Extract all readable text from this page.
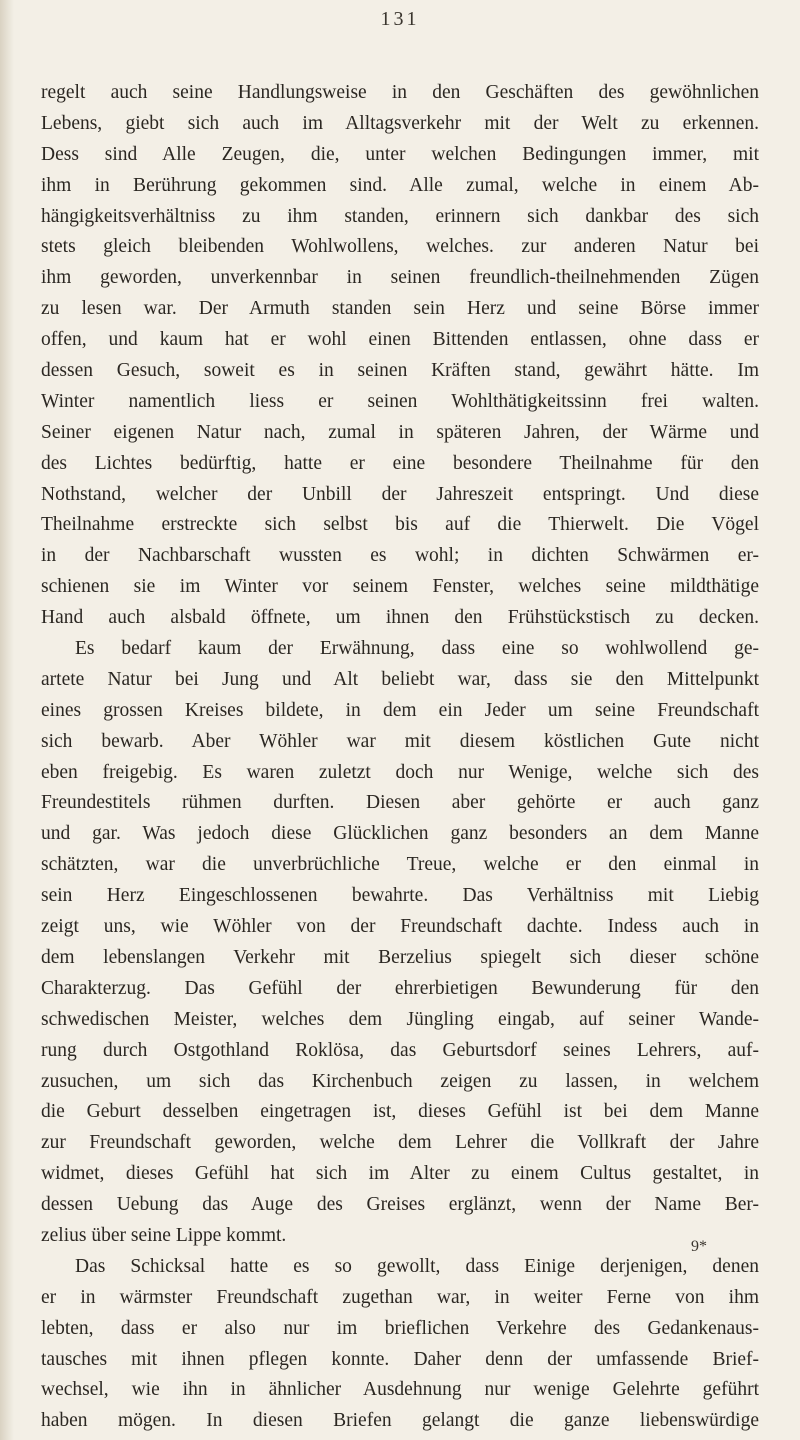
131
regelt auch seine Handlungsweise in den Geschäften des gewöhnlichen
Lebens, giebt sich auch im Alltagsverkehr mit der Welt zu erkennen.
Dess sind Alle Zeugen, die, unter welchen Bedingungen immer, mit
ihm in Berührung gekommen sind. Alle zumal, welche in einem Ab-
hängigkeitsverhältniss zu ihm standen, erinnern sich dankbar des sich
stets gleich bleibenden Wohlwollens, welches. zur anderen Natur bei
ihm geworden, unverkennbar in seinen freundlich-theilnehmenden Zügen
zu lesen war. Der Armuth standen sein Herz und seine Börse immer
offen, und kaum hat er wohl einen Bittenden entlassen, ohne dass er
dessen Gesuch, soweit es in seinen Kräften stand, gewährt hätte. Im
Winter namentlich liess er seinen Wohlthätigkeitssinn frei walten.
Seiner eigenen Natur nach, zumal in späteren Jahren, der Wärme und
des Lichtes bedürftig, hatte er eine besondere Theilnahme für den
Nothstand, welcher der Unbill der Jahreszeit entspringt. Und diese
Theilnahme erstreckte sich selbst bis auf die Thierwelt. Die Vögel
in der Nachbarschaft wussten es wohl; in dichten Schwärmen er-
schienen sie im Winter vor seinem Fenster, welches seine mildthätige
Hand auch alsbald öffnete, um ihnen den Frühstückstisch zu decken.
Es bedarf kaum der Erwähnung, dass eine so wohlwollend ge-
artete Natur bei Jung und Alt beliebt war, dass sie den Mittelpunkt
eines grossen Kreises bildete, in dem ein Jeder um seine Freundschaft
sich bewarb. Aber Wöhler war mit diesem köstlichen Gute nicht
eben freigebig. Es waren zuletzt doch nur Wenige, welche sich des
Freundestitels rühmen durften. Diesen aber gehörte er auch ganz
und gar. Was jedoch diese Glücklichen ganz besonders an dem Manne
schätzten, war die unverbrüchliche Treue, welche er den einmal in
sein Herz Eingeschlossenen bewahrte. Das Verhältniss mit Liebig
zeigt uns, wie Wöhler von der Freundschaft dachte. Indess auch in
dem lebenslangen Verkehr mit Berzelius spiegelt sich dieser schöne
Charakterzug. Das Gefühl der ehrerbietigen Bewunderung für den
schwedischen Meister, welches dem Jüngling eingab, auf seiner Wande-
rung durch Ostgothland Roklösa, das Geburtsdorf seines Lehrers, auf-
zusuchen, um sich das Kirchenbuch zeigen zu lassen, in welchem
die Geburt desselben eingetragen ist, dieses Gefühl ist bei dem Manne
zur Freundschaft geworden, welche dem Lehrer die Vollkraft der Jahre
widmet, dieses Gefühl hat sich im Alter zu einem Cultus gestaltet, in
dessen Uebung das Auge des Greises erglänzt, wenn der Name Ber-
zelius über seine Lippe kommt.
Das Schicksal hatte es so gewollt, dass Einige derjenigen, denen
er in wärmster Freundschaft zugethan war, in weiter Ferne von ihm
lebten, dass er also nur im brieflichen Verkehre des Gedankenaus-
tausches mit ihnen pflegen konnte. Daher denn der umfassende Brief-
wechsel, wie ihn in ähnlicher Ausdehnung nur wenige Gelehrte geführt
haben mögen. In diesen Briefen gelangt die ganze liebenswürdige
9*
